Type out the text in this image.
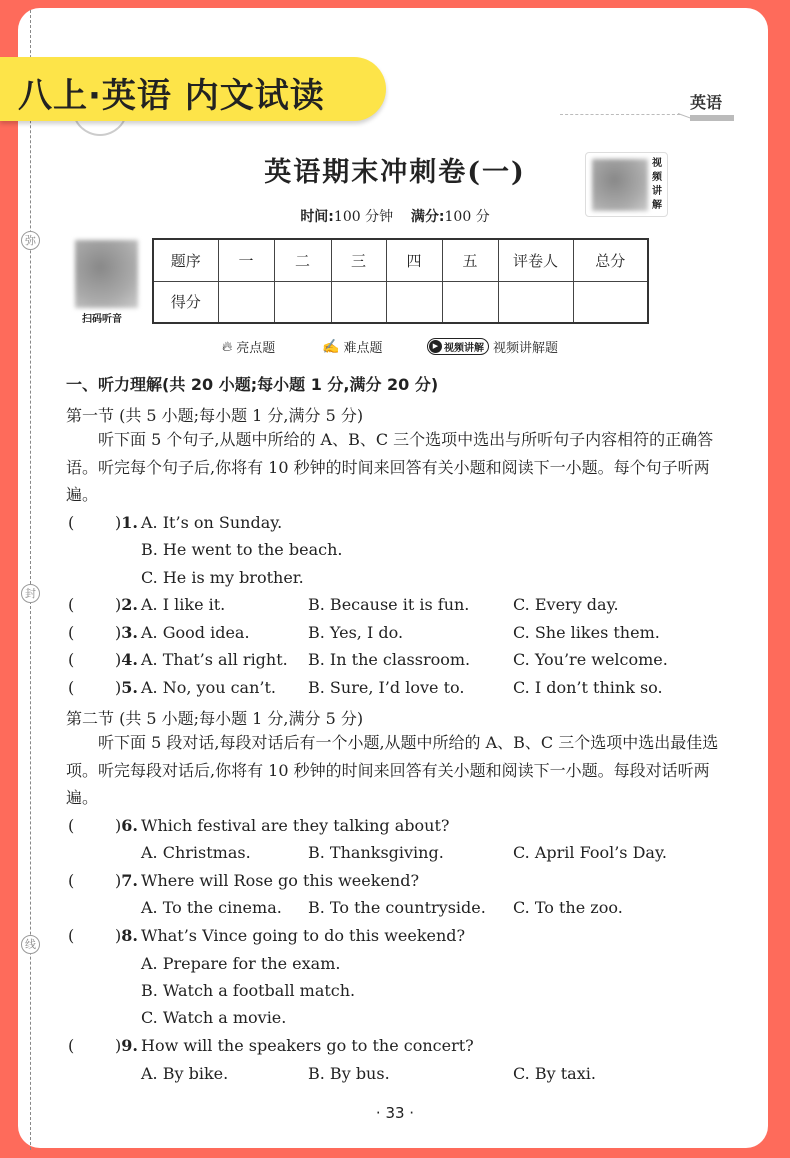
弥
封
线
八上·英语 内文试读	英语
视频讲解
英语期末冲刺卷(一)
时间:100 分钟 满分:100 分
扫码听音
题序	一	二	三	四	五	评卷人	总分
得分							
🔥︎ 亮点题	✍ 难点题	▶ 视频讲解 视频讲解题
一、听力理解(共 20 小题;每小题 1 分,满分 20 分)
第一节 (共 5 小题;每小题 1 分,满分 5 分)
听下面 5 个句子,从题中所给的 A、B、C 三个选项中选出与所听句子内容相符的正确答语。听完每个句子后,你将有 10 秒钟的时间来回答有关小题和阅读下一小题。每个句子听两遍。
(	)1. A. It’s on Sunday.
B. He went to the beach.
C. He is my brother.
(	)2. A. I like it.	B. Because it is fun.	C. Every day.
(	)3. A. Good idea.	B. Yes, I do.	C. She likes them.
(	)4. A. That’s all right. B. In the classroom.	C. You’re welcome.
(	)5. A. No, you can’t. B. Sure, I’d love to.	C. I don’t think so.
第二节 (共 5 小题;每小题 1 分,满分 5 分)
听下面 5 段对话,每段对话后有一个小题,从题中所给的 A、B、C 三个选项中选出最佳选项。听完每段对话后,你将有 10 秒钟的时间来回答有关小题和阅读下一小题。每段对话听两遍。
(	)6. Which festival are they talking about?
A. Christmas.	B. Thanksgiving.	C. April Fool’s Day.
(	)7. Where will Rose go this weekend?
A. To the cinema. B. To the countryside. C. To the zoo.
(	)8. What’s Vince going to do this weekend?
A. Prepare for the exam.
B. Watch a football match.
C. Watch a movie.
(	)9. How will the speakers go to the concert?
A. By bike.	B. By bus.	C. By taxi.
· 33 ·
